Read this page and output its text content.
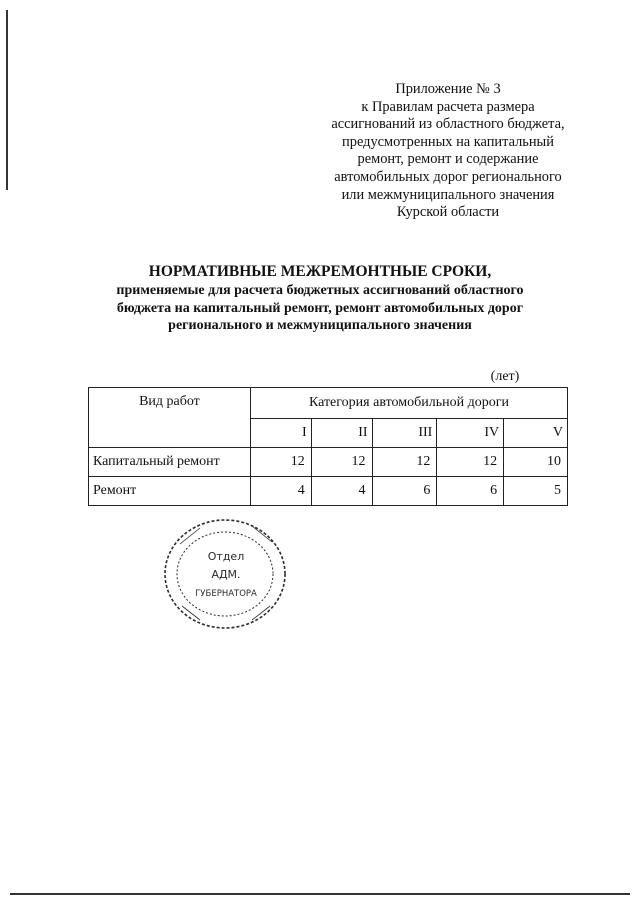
Приложение № 3
к Правилам расчета размера
ассигнований из областного бюджета,
предусмотренных на капитальный
ремонт, ремонт и содержание
автомобильных дорог регионального
или межмуниципального значения
Курской области
НОРМАТИВНЫЕ МЕЖРЕМОНТНЫЕ СРОКИ,
применяемые для расчета бюджетных ассигнований областного
бюджета на капитальный ремонт, ремонт автомобильных дорог
регионального и межмуниципального значения
(лет)
Вид работ	Категория автомобильной дороги				
	I	II	III	IV	V
Капитальный ремонт	12	12	12	12	10
Ремонт	4	4	6	6	5
Отдел
АДМ.
ГУБЕРНАТОРА
